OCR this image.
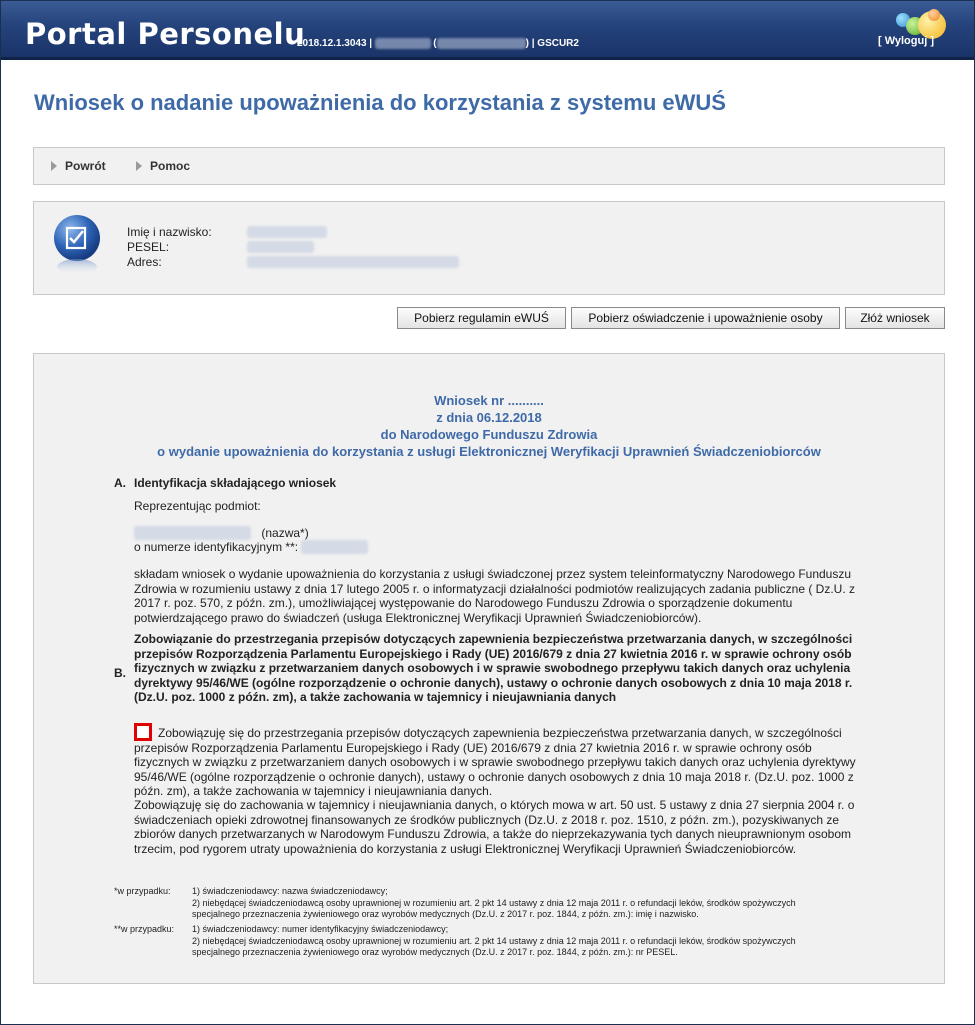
Portal Personelu
2018.12.1.3043 |	(	) | GSCUR2	[ Wyloguj ]
Wniosek o nadanie upoważnienia do korzystania z systemu eWUŚ
Powrót	Pomoc
Imię i nazwisko:
PESEL:
Adres:
Pobierz regulamin eWUŚ	Pobierz oświadczenie i upoważnienie osoby	Złóż wniosek
Wniosek nr ..........
z dnia 06.12.2018
do Narodowego Funduszu Zdrowia
o wydanie upoważnienia do korzystania z usługi Elektronicznej Weryfikacji Uprawnień Świadczeniobiorców
A. Identyfikacja składającego wniosek
Reprezentując podmiot:
(nazwa*)
o numerze identyfikacyjnym **:
składam wniosek o wydanie upoważnienia do korzystania z usługi świadczonej przez system teleinformatyczny Narodowego Funduszu Zdrowia w rozumieniu ustawy z dnia 17 lutego 2005 r. o informatyzacji działalności podmiotów realizujących zadania publiczne ( Dz.U. z 2017 r. poz. 570, z późn. zm.), umożliwiającej występowanie do Narodowego Funduszu Zdrowia o sporządzenie dokumentu potwierdzającego prawo do świadczeń (usługa Elektronicznej Weryfikacji Uprawnień Świadczeniobiorców).
B.
Zobowiązanie do przestrzegania przepisów dotyczących zapewnienia bezpieczeństwa przetwarzania danych, w szczególności przepisów Rozporządzenia Parlamentu Europejskiego i Rady (UE) 2016/679 z dnia 27 kwietnia 2016 r. w sprawie ochrony osób fizycznych w związku z przetwarzaniem danych osobowych i w sprawie swobodnego przepływu takich danych oraz uchylenia dyrektywy 95/46/WE (ogólne rozporządzenie o ochronie danych), ustawy o ochronie danych osobowych z dnia 10 maja 2018 r. (Dz.U. poz. 1000 z późn. zm), a także zachowania w tajemnicy i nieujawniania danych
Zobowiązuję się do przestrzegania przepisów dotyczących zapewnienia bezpieczeństwa przetwarzania danych, w szczególności przepisów Rozporządzenia Parlamentu Europejskiego i Rady (UE) 2016/679 z dnia 27 kwietnia 2016 r. w sprawie ochrony osób fizycznych w związku z przetwarzaniem danych osobowych i w sprawie swobodnego przepływu takich danych oraz uchylenia dyrektywy 95/46/WE (ogólne rozporządzenie o ochronie danych), ustawy o ochronie danych osobowych z dnia 10 maja 2018 r. (Dz.U. poz. 1000 z późn. zm), a także zachowania w tajemnicy i nieujawniania danych.
Zobowiązuję się do zachowania w tajemnicy i nieujawniania danych, o których mowa w art. 50 ust. 5 ustawy z dnia 27 sierpnia 2004 r. o świadczeniach opieki zdrowotnej finansowanych ze środków publicznych (Dz.U. z 2018 r. poz. 1510, z późn. zm.), pozyskiwanych ze zbiorów danych przetwarzanych w Narodowym Funduszu Zdrowia, a także do nieprzekazywania tych danych nieuprawnionym osobom trzecim, pod rygorem utraty upoważnienia do korzystania z usługi Elektronicznej Weryfikacji Uprawnień Świadczeniobiorców.
*w przypadku: 1) świadczeniodawcy: nazwa świadczeniodawcy;
2) niebędącej świadczeniodawcą osoby uprawnionej w rozumieniu art. 2 pkt 14 ustawy z dnia 12 maja 2011 r. o refundacji leków, środków spożywczych specjalnego przeznaczenia żywieniowego oraz wyrobów medycznych (Dz.U. z 2017 r. poz. 1844, z późn. zm.): imię i nazwisko.
**w przypadku: 1) świadczeniodawcy: numer identyfikacyjny świadczeniodawcy;
2) niebędącej świadczeniodawcą osoby uprawnionej w rozumieniu art. 2 pkt 14 ustawy z dnia 12 maja 2011 r. o refundacji leków, środków spożywczych specjalnego przeznaczenia żywieniowego oraz wyrobów medycznych (Dz.U. z 2017 r. poz. 1844, z późn. zm.): nr PESEL.
